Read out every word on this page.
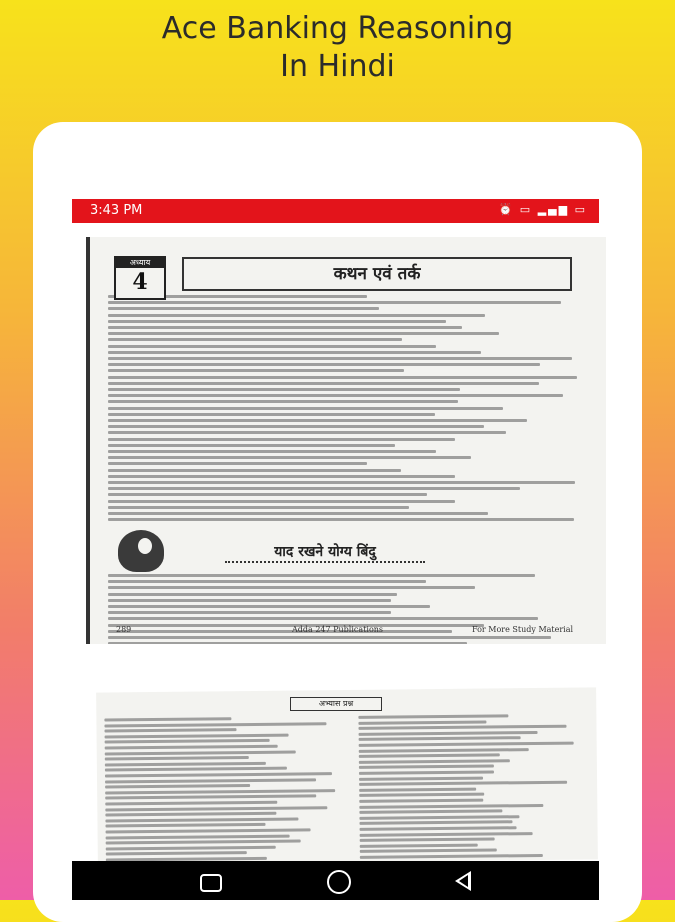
Ace Banking Reasoning
In Hindi
3:43 PM	⏰ ▭ ▂▄▆ ▭
अध्याय
4	कथन एवं तर्क
याद रखने योग्य बिंदु
289	Adda 247 Publications	For More Study Material
अभ्यास प्रश्न
